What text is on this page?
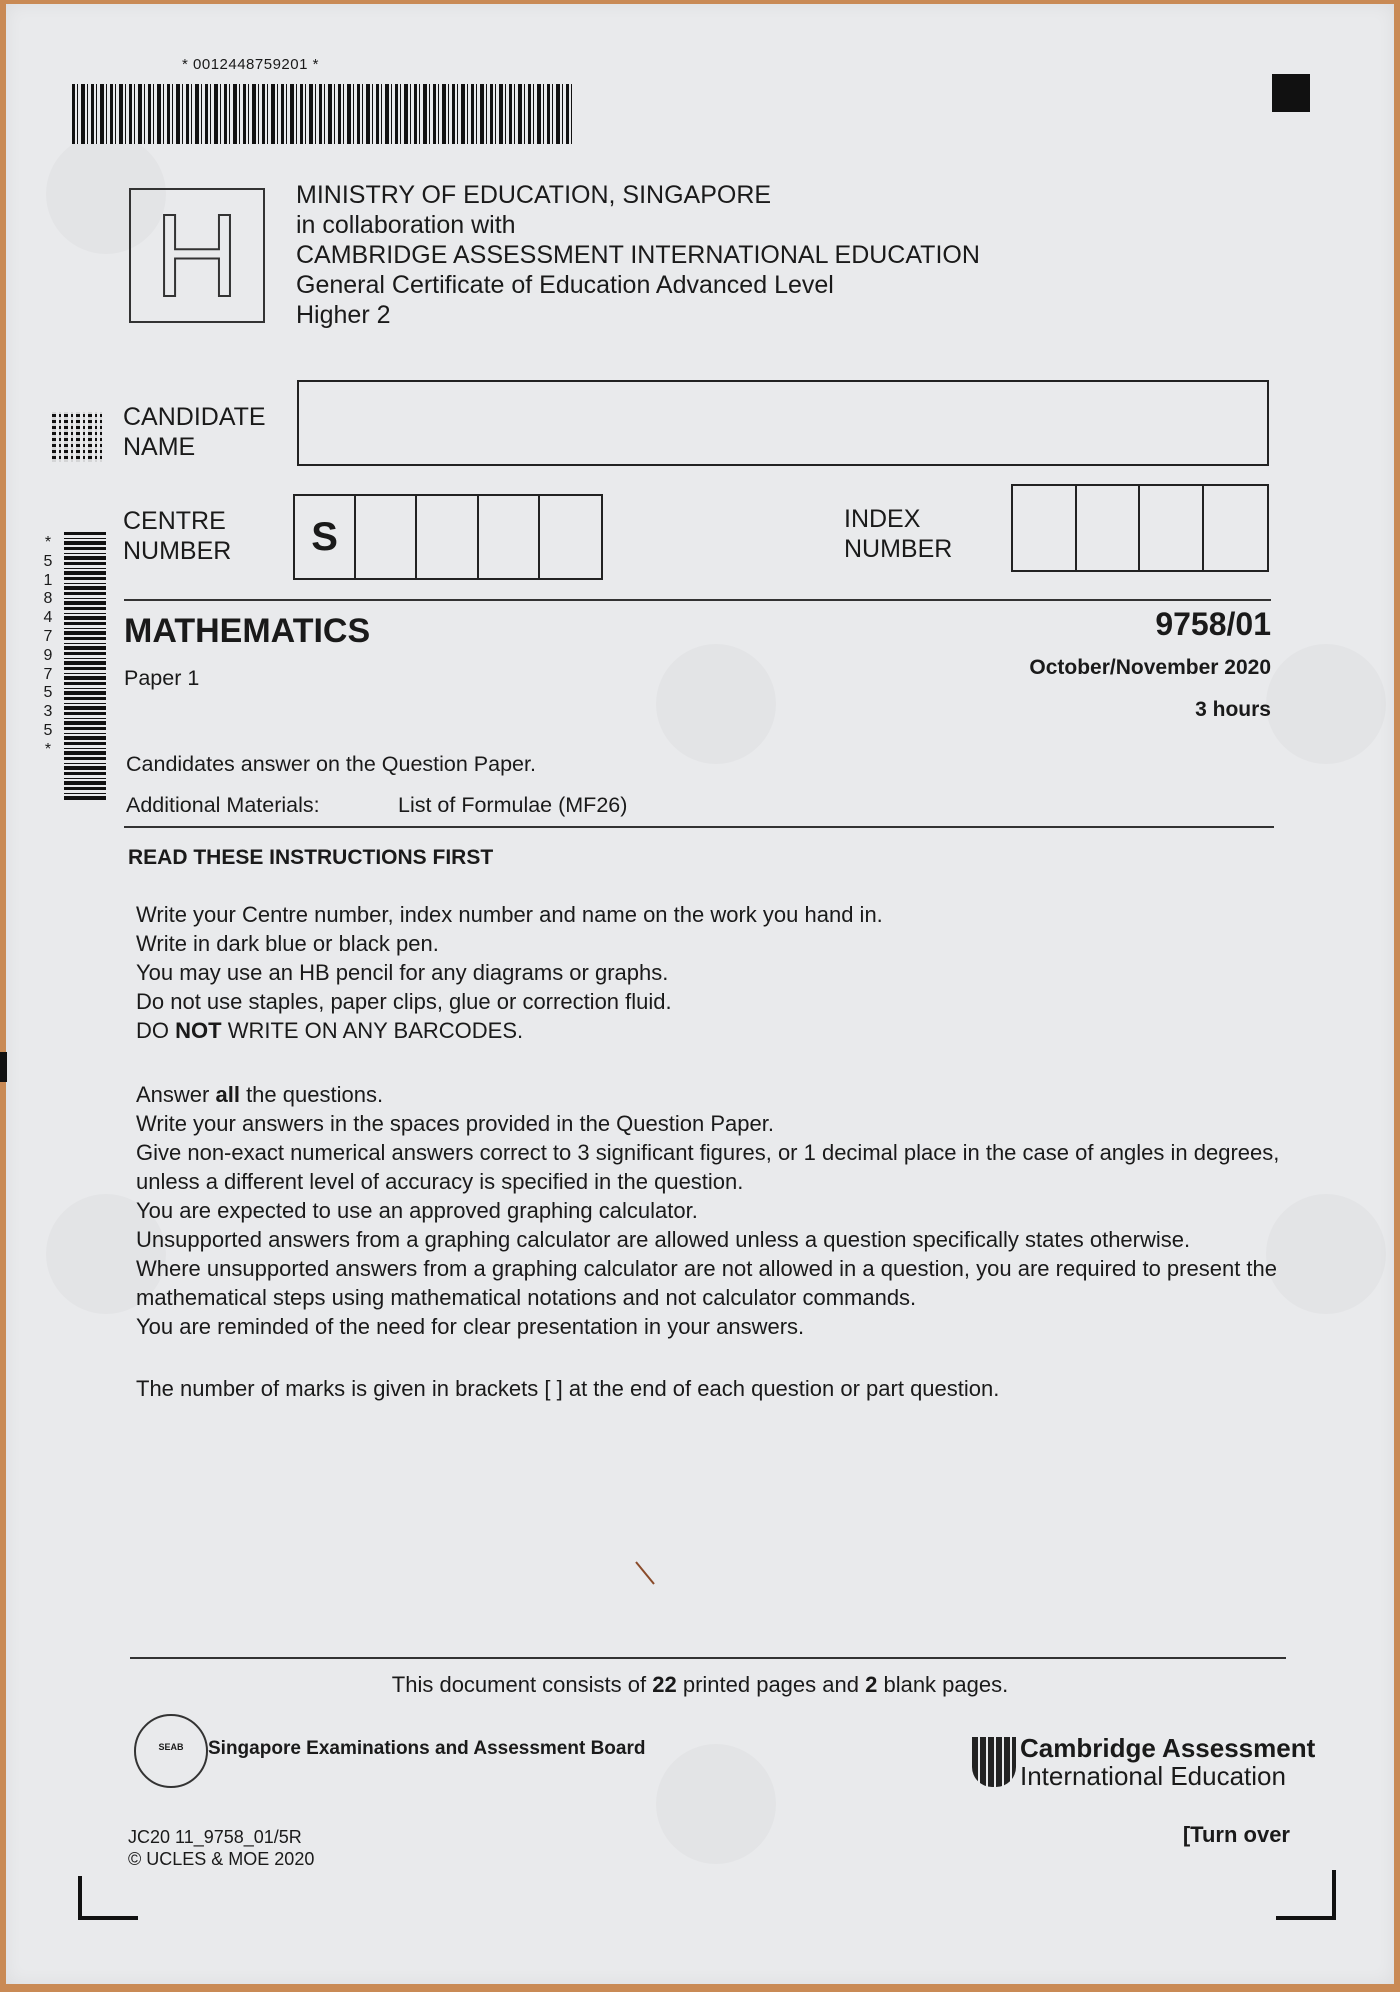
* 0012448759201 *
H MINISTRY OF EDUCATION, SINGAPORE
in collaboration with
CAMBRIDGE ASSESSMENT INTERNATIONAL EDUCATION
General Certificate of Education Advanced Level
Higher 2
CANDIDATE
NAME
*
5
1
8
4
7
9
7
5
3
5
*
CENTRE
NUMBER	S	INDEX
NUMBER
MATHEMATICS	9758/01
Paper 1	October/November 2020
3 hours
Candidates answer on the Question Paper.
Additional Materials:	List of Formulae (MF26)
READ THESE INSTRUCTIONS FIRST

Write your Centre number, index number and name on the work you hand in.

Write in dark blue or black pen.

You may use an HB pencil for any diagrams or graphs.

Do not use staples, paper clips, glue or correction fluid.

DO NOT WRITE ON ANY BARCODES.

Answer all the questions.

Write your answers in the spaces provided in the Question Paper.

Give non-exact numerical answers correct to 3 significant figures, or 1 decimal place in the case of angles in degrees, unless a different level of accuracy is specified in the question.

You are expected to use an approved graphing calculator.

Unsupported answers from a graphing calculator are allowed unless a question specifically states otherwise.

Where unsupported answers from a graphing calculator are not allowed in a question, you are required to present the mathematical steps using mathematical notations and not calculator commands.

You are reminded of the need for clear presentation in your answers.

The number of marks is given in brackets [ ] at the end of each question or part question.
This document consists of 22 printed pages and 2 blank pages.
SEAB	Singapore Examinations and Assessment Board	Cambridge Assessment
International Education
JC20 11_9758_01/5R
© UCLES & MOE 2020
[Turn over
